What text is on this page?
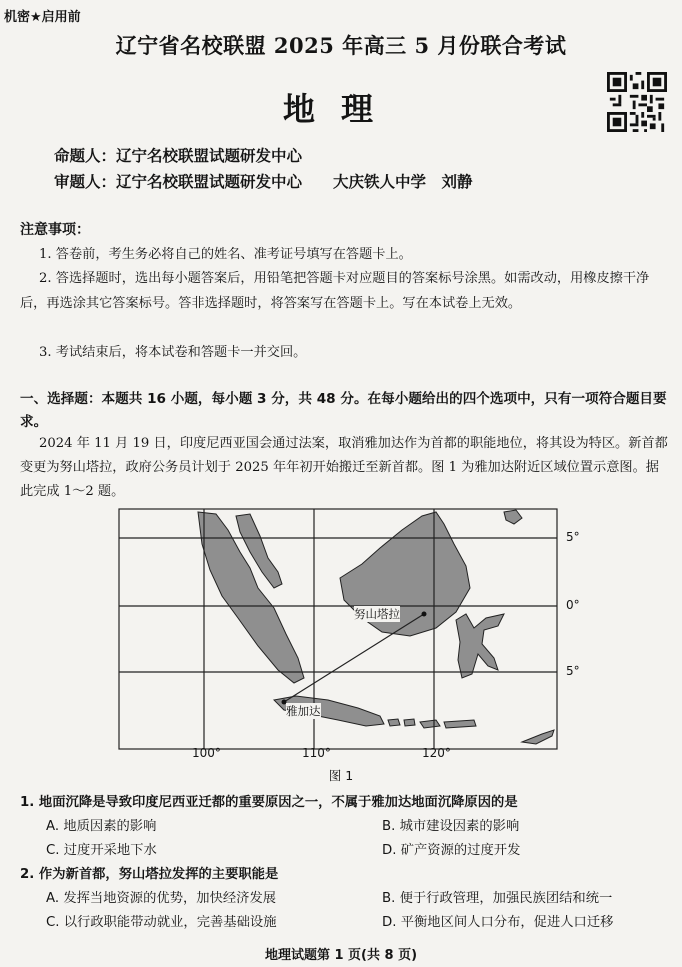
机密★启用前
辽宁省名校联盟 2025 年高三 5 月份联合考试
地理
命题人：辽宁名校联盟试题研发中心
审题人：辽宁名校联盟试题研发中心　　大庆铁人中学　刘静
注意事项：
1. 答卷前，考生务必将自己的姓名、准考证号填写在答题卡上。
2. 答选择题时，选出每小题答案后，用铅笔把答题卡对应题目的答案标号涂黑。如需改动，用橡皮擦干净后，再选涂其它答案标号。答非选择题时，将答案写在答题卡上。写在本试卷上无效。
3. 考试结束后，将本试卷和答题卡一并交回。
一、选择题：本题共 16 小题，每小题 3 分，共 48 分。在每小题给出的四个选项中，只有一项符合题目要求。
2024 年 11 月 19 日，印度尼西亚国会通过法案，取消雅加达作为首都的职能地位，将其设为特区。新首都变更为努山塔拉，政府公务员计划于 2025 年年初开始搬迁至新首都。图 1 为雅加达附近区域位置示意图。据此完成 1～2 题。
努山塔拉
雅加达
5°
0°
5°
100°	110°	120°
图 1
1. 地面沉降是导致印度尼西亚迁都的重要原因之一，不属于雅加达地面沉降原因的是
A. 地质因素的影响	B. 城市建设因素的影响
C. 过度开采地下水	D. 矿产资源的过度开发
2. 作为新首都，努山塔拉发挥的主要职能是
A. 发挥当地资源的优势，加快经济发展	B. 便于行政管理，加强民族团结和统一
C. 以行政职能带动就业，完善基础设施	D. 平衡地区间人口分布，促进人口迁移
地理试题第 1 页(共 8 页)
